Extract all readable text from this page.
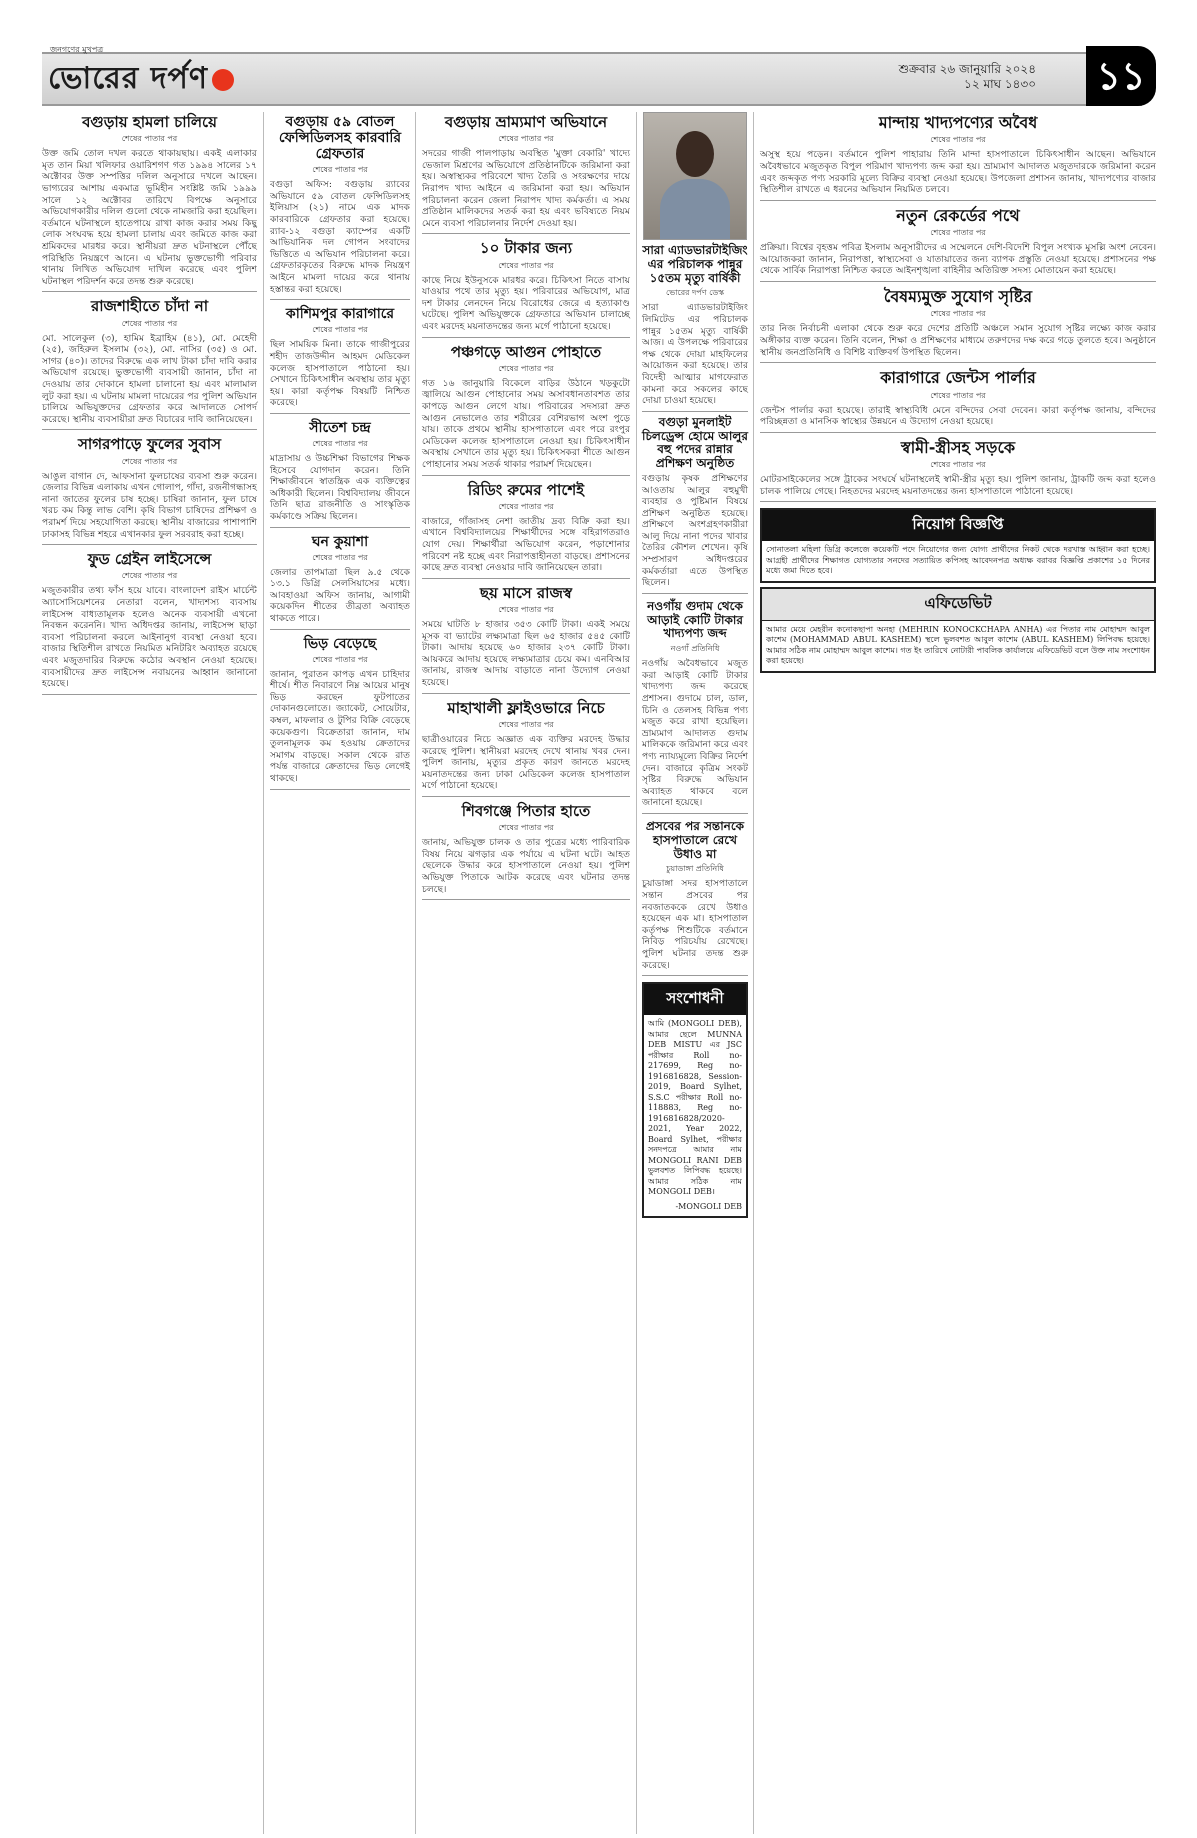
জনগণের মুখপত্র
ভোরের দর্পণ	শুক্রবার ২৬ জানুয়ারি ২০২৪
১২ মাঘ ১৪৩০ ১১
বগুড়ায় হামলা চালিয়ে
শেষের পাতার পর
উক্ত জমি তোল দখল করতে থাকায়ছায়। একই এলাকার মৃত তান মিয়া খলিফার ওয়ারিশগণ গত ১৯৯৪ সালের ১৭ অক্টোবর উক্ত সম্পত্তির দলিল অনুসারে দখলে আছেন। ভাগ্যরের আশায় একমাত্র ভূমিহীন সংশ্লিষ্ট জমি ১৯৯৯ সালে ১২ অক্টোবর তারিখে বিপক্ষে অনুসারে অভিযোগকারীর দলিল গুলো থেকে নামজারি করা হয়েছিল। বর্তমানে ঘটনাস্থলে হাতেপায়ে রাখা কাজ করার সময় কিছু লোক সংঘবদ্ধ হয়ে হামলা চালায় এবং জমিতে কাজ করা শ্রমিকদের মারধর করে। স্থানীয়রা দ্রুত ঘটনাস্থলে পৌঁছে পরিস্থিতি নিয়ন্ত্রণে আনে। এ ঘটনায় ভুক্তভোগী পরিবার থানায় লিখিত অভিযোগ দাখিল করেছে এবং পুলিশ ঘটনাস্থল পরিদর্শন করে তদন্ত শুরু করেছে।
রাজশাহীতে চাঁদা না
শেষের পাতার পর
মো. সালেকুল (৩), হামিম ইব্রাহিম (৪১), মো. মেহেদী (২৫), জহিরুল ইসলাম (৩২), মো. নাসির (৩৫) ও মো. সাগর (৪০)। তাদের বিরুদ্ধে এক লাখ টাকা চাঁদা দাবি করার অভিযোগ রয়েছে। ভুক্তভোগী ব্যবসায়ী জানান, চাঁদা না দেওয়ায় তার দোকানে হামলা চালানো হয় এবং মালামাল লুট করা হয়। এ ঘটনায় মামলা দায়েরের পর পুলিশ অভিযান চালিয়ে অভিযুক্তদের গ্রেফতার করে আদালতে সোপর্দ করেছে। স্থানীয় ব্যবসায়ীরা দ্রুত বিচারের দাবি জানিয়েছেন।
সাগরপাড়ে ফুলের সুবাস
শেষের পাতার পর
আঙুল বাগান দে, আফসানা ফুলচাষের ব্যবসা শুরু করেন। জেলার বিভিন্ন এলাকায় এখন গোলাপ, গাঁদা, রজনীগন্ধাসহ নানা জাতের ফুলের চাষ হচ্ছে। চাষিরা জানান, ফুল চাষে খরচ কম কিন্তু লাভ বেশি। কৃষি বিভাগ চাষিদের প্রশিক্ষণ ও পরামর্শ দিয়ে সহযোগিতা করছে। স্থানীয় বাজারের পাশাপাশি ঢাকাসহ বিভিন্ন শহরে এখানকার ফুল সরবরাহ করা হচ্ছে।
ফুড গ্রেইন লাইসেন্সে
শেষের পাতার পর
মজুতকারীর তথ্য ফাঁস হয়ে যাবে। বাংলাদেশ রাইস মার্চেন্ট অ্যাসোসিয়েশনের নেতারা বলেন, খাদ্যশস্য ব্যবসায় লাইসেন্স বাধ্যতামূলক হলেও অনেক ব্যবসায়ী এখনো নিবন্ধন করেননি। খাদ্য অধিদপ্তর জানায়, লাইসেন্স ছাড়া ব্যবসা পরিচালনা করলে আইনানুগ ব্যবস্থা নেওয়া হবে। বাজার স্থিতিশীল রাখতে নিয়মিত মনিটরিং অব্যাহত রয়েছে এবং মজুতদারির বিরুদ্ধে কঠোর অবস্থান নেওয়া হয়েছে। ব্যবসায়ীদের দ্রুত লাইসেন্স নবায়নের আহ্বান জানানো হয়েছে।
বগুড়ায় ৫৯ বোতল ফেন্সিডিলসহ কারবারি গ্রেফতার
শেষের পাতার পর
বগুড়া অফিস: বগুড়ায় র‍্যাবের অভিযানে ৫৯ বোতল ফেন্সিডিলসহ ইলিয়াস (২১) নামে এক মাদক কারবারিকে গ্রেফতার করা হয়েছে। র‍্যাব-১২ বগুড়া ক্যাম্পের একটি আভিযানিক দল গোপন সংবাদের ভিত্তিতে এ অভিযান পরিচালনা করে। গ্রেফতারকৃতের বিরুদ্ধে মাদক নিয়ন্ত্রণ আইনে মামলা দায়ের করে থানায় হস্তান্তর করা হয়েছে।
কাশিমপুর কারাগারে
শেষের পাতার পর
ছিল সাময়িক মিনা। তাকে গাজীপুরের শহীদ তাজউদ্দীন আহমদ মেডিকেল কলেজ হাসপাতালে পাঠানো হয়। সেখানে চিকিৎসাধীন অবস্থায় তার মৃত্যু হয়। কারা কর্তৃপক্ষ বিষয়টি নিশ্চিত করেছে।
সীতেশ চন্দ্র
শেষের পাতার পর
মাদ্রাসায় ও উচ্চশিক্ষা বিভাগের শিক্ষক হিসেবে যোগদান করেন। তিনি শিক্ষাজীবনে স্বাতন্ত্রিক এক ব্যক্তিত্বের অধিকারী ছিলেন। বিশ্ববিদ্যালয় জীবনে তিনি ছাত্র রাজনীতি ও সাংস্কৃতিক কর্মকাণ্ডে সক্রিয় ছিলেন।
ঘন কুয়াশা
শেষের পাতার পর
জেলার তাপমাত্রা ছিল ৯.৫ থেকে ১৩.১ ডিগ্রি সেলসিয়াসের মধ্যে। আবহাওয়া অফিস জানায়, আগামী কয়েকদিন শীতের তীব্রতা অব্যাহত থাকতে পারে।
ভিড় বেড়েছে
শেষের পাতার পর
জানান, পুরাতন কাপড় এখন চাহিদার শীর্ষে। শীত নিবারণে নিম্ন আয়ের মানুষ ভিড় করছেন ফুটপাতের দোকানগুলোতে। জ্যাকেট, সোয়েটার, কম্বল, মাফলার ও টুপির বিক্রি বেড়েছে কয়েকগুণ। বিক্রেতারা জানান, দাম তুলনামূলক কম হওয়ায় ক্রেতাদের সমাগম বাড়ছে। সকাল থেকে রাত পর্যন্ত বাজারে ক্রেতাদের ভিড় লেগেই থাকছে।
বগুড়ায় ভ্রাম্যমাণ অভিযানে
শেষের পাতার পর
সদরের গাজী পালপাড়ায় অবস্থিত 'মুক্তা বেকারি' খাদ্যে ভেজাল মিশ্রণের অভিযোগে প্রতিষ্ঠানটিকে জরিমানা করা হয়। অস্বাস্থ্যকর পরিবেশে খাদ্য তৈরি ও সংরক্ষণের দায়ে নিরাপদ খাদ্য আইনে এ জরিমানা করা হয়। অভিযান পরিচালনা করেন জেলা নিরাপদ খাদ্য কর্মকর্তা। এ সময় প্রতিষ্ঠান মালিকদের সতর্ক করা হয় এবং ভবিষ্যতে নিয়ম মেনে ব্যবসা পরিচালনার নির্দেশ দেওয়া হয়।
১০ টাকার জন্য
শেষের পাতার পর
কাছে নিয়ে ইউনুসকে মারধর করে। চিকিৎসা নিতে বাসায় যাওয়ার পথে তার মৃত্যু হয়। পরিবারের অভিযোগ, মাত্র দশ টাকার লেনদেন নিয়ে বিরোধের জেরে এ হত্যাকাণ্ড ঘটেছে। পুলিশ অভিযুক্তকে গ্রেফতারে অভিযান চালাচ্ছে এবং মরদেহ ময়নাতদন্তের জন্য মর্গে পাঠানো হয়েছে।
পঞ্চগড়ে আগুন পোহাতে
শেষের পাতার পর
গত ১৬ জানুয়ারি বিকেলে বাড়ির উঠানে খড়কুটো জ্বালিয়ে আগুন পোহানোর সময় অসাবধানতাবশত তার কাপড়ে আগুন লেগে যায়। পরিবারের সদস্যরা দ্রুত আগুন নেভালেও তার শরীরের বেশিরভাগ অংশ পুড়ে যায়। তাকে প্রথমে স্থানীয় হাসপাতালে এবং পরে রংপুর মেডিকেল কলেজ হাসপাতালে নেওয়া হয়। চিকিৎসাধীন অবস্থায় সেখানে তার মৃত্যু হয়। চিকিৎসকরা শীতে আগুন পোহানোর সময় সতর্ক থাকার পরামর্শ দিয়েছেন।
রিডিং রুমের পাশেই
শেষের পাতার পর
বাজারে, গাঁজাসহ নেশা জাতীয় দ্রব্য বিক্রি করা হয়। এখানে বিশ্ববিদ্যালয়ের শিক্ষার্থীদের সঙ্গে বহিরাগতরাও যোগ দেয়। শিক্ষার্থীরা অভিযোগ করেন, পড়াশোনার পরিবেশ নষ্ট হচ্ছে এবং নিরাপত্তাহীনতা বাড়ছে। প্রশাসনের কাছে দ্রুত ব্যবস্থা নেওয়ার দাবি জানিয়েছেন তারা।
ছয় মাসে রাজস্ব
শেষের পাতার পর
সময়ে ঘাটতি ৮ হাজার ৩৫৩ কোটি টাকা। একই সময়ে মূসক বা ভ্যাটের লক্ষ্যমাত্রা ছিল ৬৫ হাজার ৫৪৫ কোটি টাকা। আদায় হয়েছে ৬০ হাজার ২৩৭ কোটি টাকা। আয়করে আদায় হয়েছে লক্ষ্যমাত্রার চেয়ে কম। এনবিআর জানায়, রাজস্ব আদায় বাড়াতে নানা উদ্যোগ নেওয়া হয়েছে।
মাহাখালী ফ্লাইওভারে নিচে
শেষের পাতার পর
ছাত্রীওয়ারের নিচে অজ্ঞাত এক ব্যক্তির মরদেহ উদ্ধার করেছে পুলিশ। স্থানীয়রা মরদেহ দেখে থানায় খবর দেন। পুলিশ জানায়, মৃত্যুর প্রকৃত কারণ জানতে মরদেহ ময়নাতদন্তের জন্য ঢাকা মেডিকেল কলেজ হাসপাতাল মর্গে পাঠানো হয়েছে।
শিবগঞ্জে পিতার হাতে
শেষের পাতার পর
জানায়, অভিযুক্ত চালক ও তার পুত্রের মধ্যে পারিবারিক বিষয় নিয়ে ঝগড়ার এক পর্যায়ে এ ঘটনা ঘটে। আহত ছেলেকে উদ্ধার করে হাসপাতালে নেওয়া হয়। পুলিশ অভিযুক্ত পিতাকে আটক করেছে এবং ঘটনার তদন্ত চলছে।
সারা এ্যাডভারটাইজিং এর পরিচালক পান্নুর ১৫তম মৃত্যু বার্ষিকী
ভোরের দর্পণ ডেস্ক
সারা এ্যাডভারটাইজিং লিমিটেড এর পরিচালক পান্নুর ১৫তম মৃত্যু বার্ষিকী আজ। এ উপলক্ষে পরিবারের পক্ষ থেকে দোয়া মাহফিলের আয়োজন করা হয়েছে। তার বিদেহী আত্মার মাগফেরাত কামনা করে সকলের কাছে দোয়া চাওয়া হয়েছে।
বগুড়া মুনলাইট চিলড্রেন্স হোমে আলুর বহু পদের রান্নার প্রশিক্ষণ অনুষ্ঠিত
বগুড়ায় কৃষক প্রশিক্ষণের আওতায় আলুর বহুমুখী ব্যবহার ও পুষ্টিমান বিষয়ে প্রশিক্ষণ অনুষ্ঠিত হয়েছে। প্রশিক্ষণে অংশগ্রহণকারীরা আলু দিয়ে নানা পদের খাবার তৈরির কৌশল শেখেন। কৃষি সম্প্রসারণ অধিদপ্তরের কর্মকর্তারা এতে উপস্থিত ছিলেন।
নওগাঁয় গুদাম থেকে আড়াই কোটি টাকার খাদ্যপণ্য জব্দ
নওগাঁ প্রতিনিধি
নওগাঁয় অবৈধভাবে মজুত করা আড়াই কোটি টাকার খাদ্যপণ্য জব্দ করেছে প্রশাসন। গুদামে চাল, ডাল, চিনি ও তেলসহ বিভিন্ন পণ্য মজুত করে রাখা হয়েছিল। ভ্রাম্যমাণ আদালত গুদাম মালিককে জরিমানা করে এবং পণ্য ন্যায্যমূল্যে বিক্রির নির্দেশ দেন। বাজারে কৃত্রিম সংকট সৃষ্টির বিরুদ্ধে অভিযান অব্যাহত থাকবে বলে জানানো হয়েছে।
প্রসবের পর সন্তানকে হাসপাতালে রেখে উধাও মা
চুয়াডাঙ্গা প্রতিনিধি
চুয়াডাঙ্গা সদর হাসপাতালে সন্তান প্রসবের পর নবজাতককে রেখে উধাও হয়েছেন এক মা। হাসপাতাল কর্তৃপক্ষ শিশুটিকে বর্তমানে নিবিড় পরিচর্যায় রেখেছে। পুলিশ ঘটনার তদন্ত শুরু করেছে।
সংশোধনী
আমি (MONGOLI DEB), আমার ছেলে MUNNA DEB MISTU এর JSC পরীক্ষার Roll no- 217699, Reg no- 1916816828, Session-2019, Board Sylhet, S.S.C পরীক্ষার Roll no- 118883, Reg no-1916816828/2020-2021, Year 2022, Board Sylhet, পরীক্ষার সনদপত্রে আমার নাম MONGOLI RANI DEB ভুলবশত লিপিবদ্ধ হয়েছে। আমার সঠিক নাম MONGOLI DEB।
-MONGOLI DEB
মান্দায় খাদ্যপণ্যের অবৈধ
শেষের পাতার পর
অসুস্থ হয়ে পড়েন। বর্তমানে পুলিশ পাহারায় তিনি মান্দা হাসপাতালে চিকিৎসাধীন আছেন। অভিযানে অবৈধভাবে মজুতকৃত বিপুল পরিমাণ খাদ্যপণ্য জব্দ করা হয়। ভ্রাম্যমাণ আদালত মজুতদারকে জরিমানা করেন এবং জব্দকৃত পণ্য সরকারি মূল্যে বিক্রির ব্যবস্থা নেওয়া হয়েছে। উপজেলা প্রশাসন জানায়, খাদ্যপণ্যের বাজার স্থিতিশীল রাখতে এ ধরনের অভিযান নিয়মিত চলবে।
নতুন রেকর্ডের পথে
শেষের পাতার পর
প্রক্রিয়া। বিশ্বের বৃহত্তম পবিত্র ইসলাম অনুসারীদের এ সম্মেলনে দেশি-বিদেশি বিপুল সংখ্যক মুসল্লি অংশ নেবেন। আয়োজকরা জানান, নিরাপত্তা, স্বাস্থ্যসেবা ও যাতায়াতের জন্য ব্যাপক প্রস্তুতি নেওয়া হয়েছে। প্রশাসনের পক্ষ থেকে সার্বিক নিরাপত্তা নিশ্চিত করতে আইনশৃঙ্খলা বাহিনীর অতিরিক্ত সদস্য মোতায়েন করা হয়েছে।
বৈষম্যমুক্ত সুযোগ সৃষ্টির
শেষের পাতার পর
তার নিজ নির্বাচনী এলাকা থেকে শুরু করে দেশের প্রতিটি অঞ্চলে সমান সুযোগ সৃষ্টির লক্ষ্যে কাজ করার অঙ্গীকার ব্যক্ত করেন। তিনি বলেন, শিক্ষা ও প্রশিক্ষণের মাধ্যমে তরুণদের দক্ষ করে গড়ে তুলতে হবে। অনুষ্ঠানে স্থানীয় জনপ্রতিনিধি ও বিশিষ্ট ব্যক্তিবর্গ উপস্থিত ছিলেন।
কারাগারে জেন্টস পার্লার
শেষের পাতার পর
জেন্টস পার্লার করা হয়েছে। তারাই স্বাস্থ্যবিধি মেনে বন্দিদের সেবা দেবেন। কারা কর্তৃপক্ষ জানায়, বন্দিদের পরিচ্ছন্নতা ও মানসিক স্বাস্থ্যের উন্নয়নে এ উদ্যোগ নেওয়া হয়েছে।
স্বামী-স্ত্রীসহ সড়কে
শেষের পাতার পর
মোটরসাইকেলের সঙ্গে ট্রাকের সংঘর্ষে ঘটনাস্থলেই স্বামী-স্ত্রীর মৃত্যু হয়। পুলিশ জানায়, ট্রাকটি জব্দ করা হলেও চালক পালিয়ে গেছে। নিহতদের মরদেহ ময়নাতদন্তের জন্য হাসপাতালে পাঠানো হয়েছে।
নিয়োগ বিজ্ঞপ্তি
সোনাতলা মহিলা ডিগ্রি কলেজে কয়েকটি পদে নিয়োগের জন্য যোগ্য প্রার্থীদের নিকট থেকে দরখাস্ত আহ্বান করা হচ্ছে। আগ্রহী প্রার্থীদের শিক্ষাগত যোগ্যতার সনদের সত্যায়িত কপিসহ আবেদনপত্র অধ্যক্ষ বরাবর বিজ্ঞপ্তি প্রকাশের ১৫ দিনের মধ্যে জমা দিতে হবে।
এফিডেভিট
আমার মেয়ে মেহরীন কনোকছাপা অনহা (MEHRIN KONOCKCHAPA ANHA) এর পিতার নাম মোহাম্মদ আবুল কাশেম (MOHAMMAD ABUL KASHEM) স্থলে ভুলবশত আবুল কাশেম (ABUL KASHEM) লিপিবদ্ধ হয়েছে। আমার সঠিক নাম মোহাম্মদ আবুল কাশেম। গত ইং তারিখে নোটারী পাবলিক কার্যালয়ে এফিডেভিট বলে উক্ত নাম সংশোধন করা হয়েছে।
